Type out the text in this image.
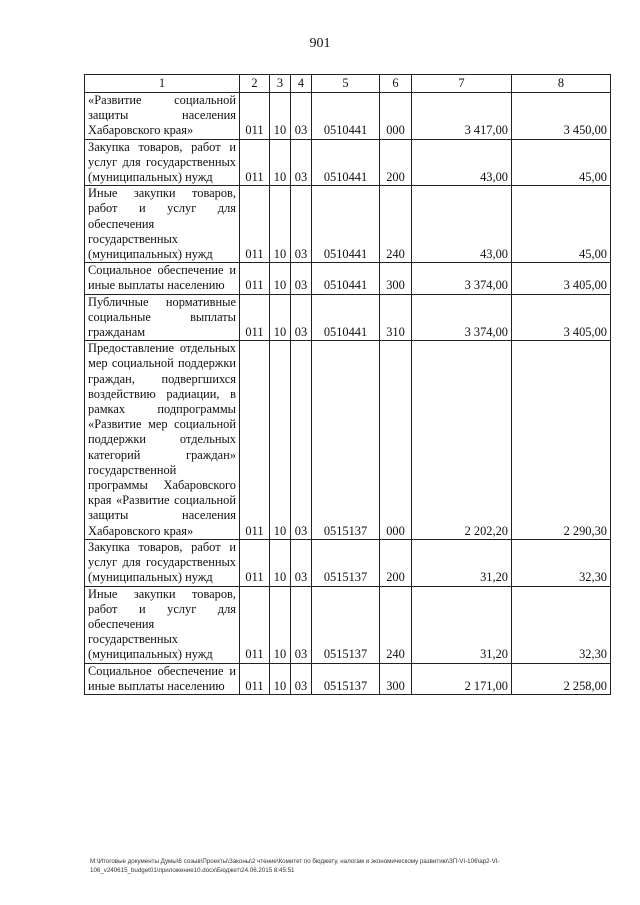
901
1	2	3	4	5	6	7	8
«Развитие социальной защиты населения Хабаровского края»	011	10	03	0510441	000	3 417,00	3 450,00
Закупка товаров, работ и услуг для государственных (муниципальных) нужд	011	10	03	0510441	200	43,00	45,00
Иные закупки товаров, работ и услуг для обеспечения государственных (муниципальных) нужд	011	10	03	0510441	240	43,00	45,00
Социальное обеспечение и иные выплаты населению	011	10	03	0510441	300	3 374,00	3 405,00
Публичные нормативные социальные выплаты гражданам	011	10	03	0510441	310	3 374,00	3 405,00
Предоставление отдельных мер социальной поддержки граждан, подвергшихся воздействию радиации, в рамках подпрограммы «Развитие мер социальной поддержки отдельных категорий граждан» государственной программы Хабаровского края «Развитие социальной защиты населения Хабаровского края»	011	10	03	0515137	000	2 202,20	2 290,30
Закупка товаров, работ и услуг для государственных (муниципальных) нужд	011	10	03	0515137	200	31,20	32,30
Иные закупки товаров, работ и услуг для обеспечения государственных (муниципальных) нужд	011	10	03	0515137	240	31,20	32,30
Социальное обеспечение и иные выплаты населению	011	10	03	0515137	300	2 171,00	2 258,00
М:\Итоговые документы Думы\6 созыв\Проекты\Законы\2 чтение\Комитет по бюджету, налогам и экономическому развитию\ЗП-VI-106\ар2-VI-
106_v240615_budget01\приложение10.docx\Бюджет\24.06.2015 8:45:51
